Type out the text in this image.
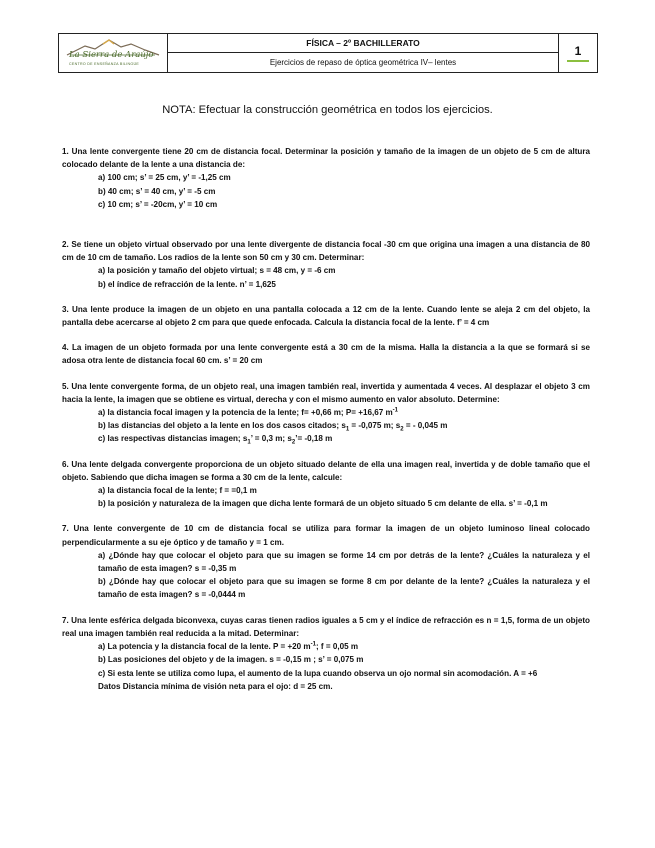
La Sierra de Araújo
CENTRO DE ENSEÑANZA BILINGÜE
FÍSICA – 2º BACHILLERATO
Ejercicios de repaso de óptica geométrica IV– lentes
1
NOTA: Efectuar la construcción geométrica en todos los ejercicios.
1. Una lente convergente tiene 20 cm de distancia focal. Determinar la posición y tamaño de la imagen de un objeto de 5 cm de altura colocado delante de la lente a una distancia de:
a) 100 cm; s’ = 25 cm, y’ = -1,25 cm
b) 40 cm; s’ = 40 cm, y’ = -5 cm
c) 10 cm; s’ = -20cm, y’ = 10 cm
2. Se tiene un objeto virtual observado por una lente divergente de distancia focal -30 cm que origina una imagen a una distancia de 80 cm de 10 cm de tamaño. Los radios de la lente son 50 cm y 30 cm. Determinar:
a) la posición y tamaño del objeto virtual; s = 48 cm, y = -6 cm
b) el índice de refracción de la lente. n’ = 1,625
3. Una lente produce la imagen de un objeto en una pantalla colocada a 12 cm de la lente. Cuando lente se aleja 2 cm del objeto, la pantalla debe acercarse al objeto 2 cm para que quede enfocada. Calcula la distancia focal de la lente. f’ = 4 cm
4. La imagen de un objeto formada por una lente convergente está a 30 cm de la misma. Halla la distancia a la que se formará si se adosa otra lente de distancia focal 60 cm. s’ = 20 cm
5. Una lente convergente forma, de un objeto real, una imagen también real, invertida y aumentada 4 veces. Al desplazar el objeto 3 cm hacia la lente, la imagen que se obtiene es virtual, derecha y con el mismo aumento en valor absoluto. Determine:
a) la distancia focal imagen y la potencia de la lente; f= +0,66 m; P= +16,67 $m^{-1}$
b) las distancias del objeto a la lente en los dos casos citados; $s_1 = -0,075$ m; $s_2$ = - 0,045 m
c) las respectivas distancias imagen; $s_1$’ = 0,3 m; $s_2’= -0,18$ m
6. Una lente delgada convergente proporciona de un objeto situado delante de ella una imagen real, invertida y de doble tamaño que el objeto. Sabiendo que dicha imagen se forma a 30 cm de la lente, calcule:
a) la distancia focal de la lente; f = =0,1 m
b) la posición y naturaleza de la imagen que dicha lente formará de un objeto situado 5 cm delante de ella. s’ = -0,1 m
7. Una lente convergente de 10 cm de distancia focal se utiliza para formar la imagen de un objeto luminoso lineal colocado perpendicularmente a su eje óptico y de tamaño y = 1 cm.
a) ¿Dónde hay que colocar el objeto para que su imagen se forme 14 cm por detrás de la lente? ¿Cuáles la naturaleza y el tamaño de esta imagen? s = -0,35 m
b) ¿Dónde hay que colocar el objeto para que su imagen se forme 8 cm por delante de la lente? ¿Cuáles la naturaleza y el tamaño de esta imagen? s = -0,0444 m
7. Una lente esférica delgada biconvexa, cuyas caras tienen radios iguales a 5 cm y el índice de refracción es n = 1,5, forma de un objeto real una imagen también real reducida a la mitad. Determinar:
a) La potencia y la distancia focal de la lente. P = +20 $m^{-1}$; f = 0,05 m
b) Las posiciones del objeto y de la imagen. s = -0,15 m ; s’ = 0,075 m
c) Si esta lente se utiliza como lupa, el aumento de la lupa cuando observa un ojo normal sin acomodación. A = +6
Datos Distancia mínima de visión neta para el ojo: d = 25 cm.
